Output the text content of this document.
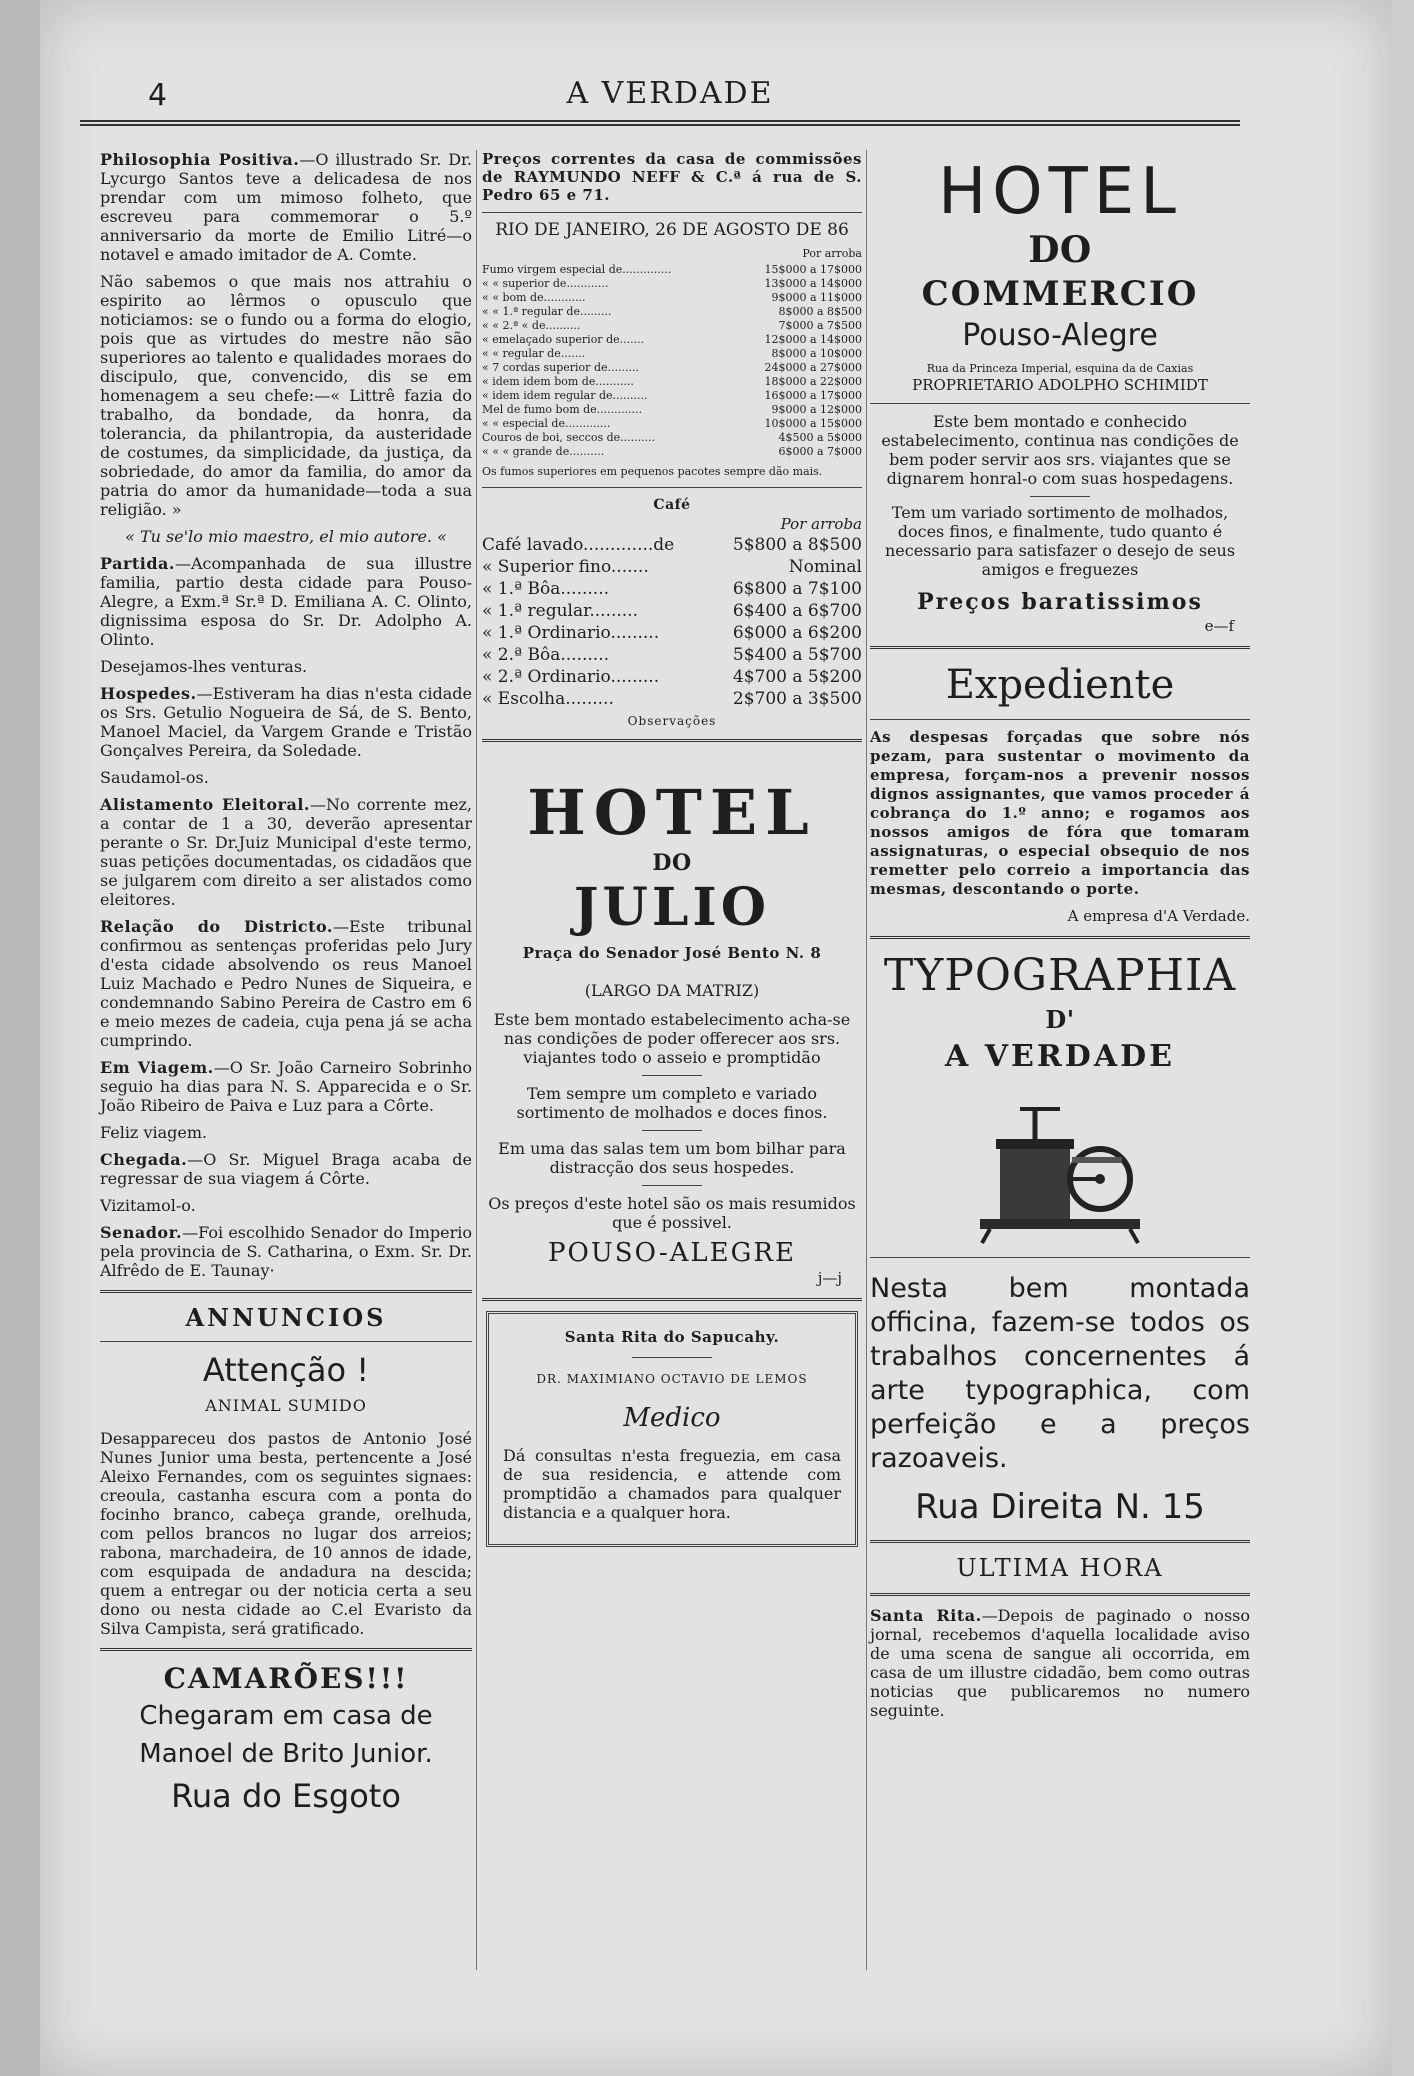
4	A VERDADE

Philosophia Positiva.—O illustrado Sr. Dr. Lycurgo Santos teve a delicadesa de nos prendar com um mimoso folheto, que escreveu para commemorar o 5.º anniversario da morte de Emilio Litré—o notavel e amado imitador de A. Comte.

Não sabemos o que mais nos attrahiu o espirito ao lêrmos o opusculo que noticiamos: se o fundo ou a forma do elogio, pois que as virtudes do mestre não são superiores ao talento e qualidades moraes do discipulo, que, convencido, dis se em homenagem a seu chefe:—« Littrê fazia do trabalho, da bondade, da honra, da tolerancia, da philantropia, da austeridade de costumes, da simplicidade, da justiça, da sobriedade, do amor da familia, do amor da patria do amor da humanidade—toda a sua religião. »

« Tu se'lo mio maestro, el mio autore. «

Partida.—Acompanhada de sua illustre familia, partio desta cidade para Pouso-Alegre, a Exm.ª Sr.ª D. Emiliana A. C. Olinto, dignissima esposa do Sr. Dr. Adolpho A. Olinto.

Desejamos-lhes venturas.

Hospedes.—Estiveram ha dias n'esta cidade os Srs. Getulio Nogueira de Sá, de S. Bento, Manoel Maciel, da Vargem Grande e Tristão Gonçalves Pereira, da Soledade.

Saudamol-os.

Alistamento Eleitoral.—No corrente mez, a contar de 1 a 30, deverão apresentar perante o Sr. Dr.Juiz Municipal d'este termo, suas petições documentadas, os cidadãos que se julgarem com direito a ser alistados como eleitores.

Relação do Districto.—Este tribunal confirmou as sentenças proferidas pelo Jury d'esta cidade absolvendo os reus Manoel Luiz Machado e Pedro Nunes de Siqueira, e condemnando Sabino Pereira de Castro em 6 e meio mezes de cadeia, cuja pena já se acha cumprindo.

Em Viagem.—O Sr. João Carneiro Sobrinho seguio ha dias para N. S. Apparecida e o Sr. João Ribeiro de Paiva e Luz para a Côrte.

Feliz viagem.

Chegada.—O Sr. Miguel Braga acaba de regressar de sua viagem á Côrte.

Vizitamol-o.

Senador.—Foi escolhido Senador do Imperio pela provincia de S. Catharina, o Exm. Sr. Dr. Alfrêdo de E. Taunay·

ANNUNCIOS
Attenção !
ANIMAL SUMIDO

Desappareceu dos pastos de Antonio José Nunes Junior uma besta, pertencente a José Aleixo Fernandes, com os seguintes signaes: creoula, castanha escura com a ponta do focinho branco, cabeça grande, orelhuda, com pellos brancos no lugar dos arreios; rabona, marchadeira, de 10 annos de idade, com esquipada de andadura na descida; quem a entregar ou der noticia certa a seu dono ou nesta cidade ao C.el Evaristo da Silva Campista, será gratificado.

CAMARÕES!!!
Chegaram em casa de
Manoel de Brito Junior.
Rua do Esgoto
Preços correntes da casa de commissões de RAYMUNDO NEFF & C.ª á rua de S. Pedro 65 e 71.
RIO DE JANEIRO, 26 DE AGOSTO DE 86
Por arroba
Fumo virgem especial de..............	15$000 a 17$000
« « superior de............	13$000 a 14$000
« « bom de............	9$000 a 11$000
« « 1.ª regular de.........	8$000 a 8$500
« « 2.ª « de..........	7$000 a 7$500
« emelaçado superior de.......	12$000 a 14$000
« « regular de.......	8$000 a 10$000
« 7 cordas superior de.........	24$000 a 27$000
« idem idem bom de...........	18$000 a 22$000
« idem idem regular de..........	16$000 a 17$000
Mel de fumo bom de.............	9$000 a 12$000
« « especial de.............	10$000 a 15$000
Couros de boi, seccos de..........	4$500 a 5$000
« « « grande de..........	6$000 a 7$000

Os fumos superiores em pequenos pacotes sempre dão mais.

Café
Por arroba
Café lavado.............de	5$800 a 8$500
« Superior fino.......	Nominal
« 1.ª Bôa.........	6$800 a 7$100
« 1.ª regular.........	6$400 a 6$700
« 1.ª Ordinario.........	6$000 a 6$200
« 2.ª Bôa.........	5$400 a 5$700
« 2.ª Ordinario.........	4$700 a 5$200
« Escolha.........	2$700 a 3$500
Observações
HOTEL
DO
JULIO
Praça do Senador José Bento N. 8
(LARGO DA MATRIZ)

Este bem montado estabelecimento acha-se nas condições de poder offerecer aos srs. viajantes todo o asseio e promptidão

Tem sempre um completo e variado sortimento de molhados e doces finos.

Em uma das salas tem um bom bilhar para distracção dos seus hospedes.

Os preços d'este hotel são os mais resumidos que é possivel.

POUSO-ALEGRE
j—j
Santa Rita do Sapucahy.
DR. MAXIMIANO OCTAVIO DE LEMOS
Medico

Dá consultas n'esta freguezia, em casa de sua residencia, e attende com promptidão a chamados para qualquer distancia e a qualquer hora.

HOTEL
DO
COMMERCIO
Pouso-Alegre
Rua da Princeza Imperial, esquina da de Caxias
PROPRIETARIO ADOLPHO SCHIMIDT

Este bem montado e conhecido estabelecimento, continua nas condições de bem poder servir aos srs. viajantes que se dignarem honral-o com suas hospedagens.

Tem um variado sortimento de molhados, doces finos, e finalmente, tudo quanto é necessario para satisfazer o desejo de seus amigos e freguezes

Preços baratissimos
e—f
Expediente

As despesas forçadas que sobre nós pezam, para sustentar o movimento da empresa, forçam-nos a prevenir nossos dignos assignantes, que vamos proceder á cobrança do 1.º anno; e rogamos aos nossos amigos de fóra que tomaram assignaturas, o especial obsequio de nos remetter pelo correio a importancia das mesmas, descontando o porte.

A empresa d'A Verdade.
TYPOGRAPHIA
D'
A VERDADE

Nesta bem montada officina, fazem-se todos os trabalhos concernentes á arte typographica, com perfeição e a preços razoaveis.

Rua Direita N. 15
ULTIMA HORA

Santa Rita.—Depois de paginado o nosso jornal, recebemos d'aquella localidade aviso de uma scena de sangue ali occorrida, em casa de um illustre cidadão, bem como outras noticias que publicaremos no numero seguinte.
